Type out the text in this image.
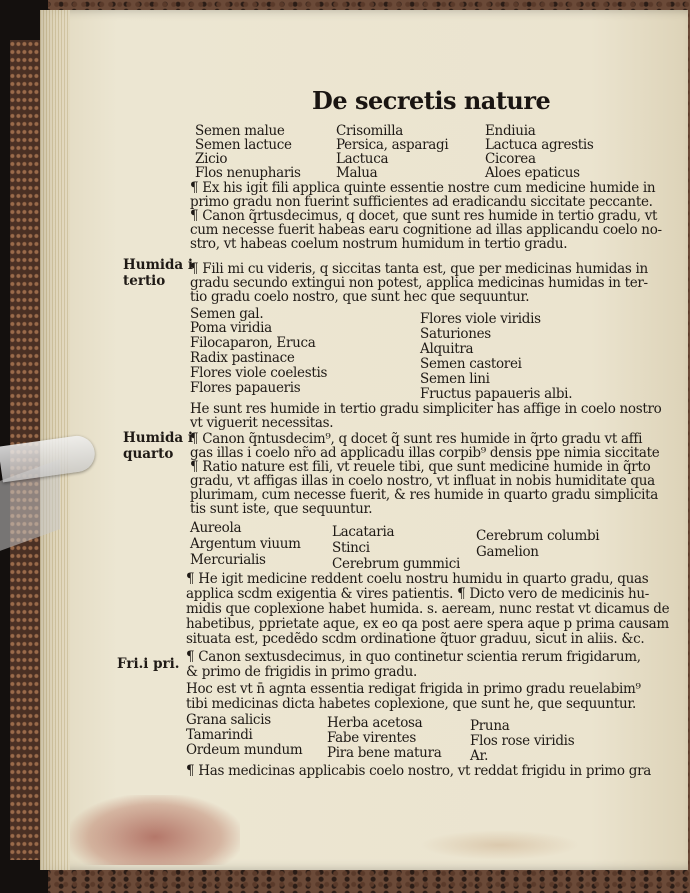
De secretis nature
Semen malue
Semen lactuce
Zicio
Flos nenupharis
Crisomilla
Persica, asparagi
Lactuca
Malua
Endiuia
Lactuca agrestis
Cicorea
Aloes epaticus
¶ Ex his igit fili applica quinte essentie nostre cum medicine humide in
primo gradu non fuerint sufficientes ad eradicandu siccitate peccante.
¶ Canon q̃rtusdecimus, q docet, que sunt res humide in tertio gradu, vt
cum necesse fuerit habeas earu cognitione ad illas applicandu coelo no-
stro, vt habeas coelum nostrum humidum in tertio gradu.
¶ Fili mi cu videris, q siccitas tanta est, que per medicinas humidas in
gradu secundo extingui non potest, applica medicinas humidas in ter-
tio gradu coelo nostro, que sunt hec que sequuntur.
Humida i
tertio
Semen gal.
Poma viridia
Filocaparon, Eruca
Radix pastinace
Flores viole coelestis
Flores papaueris
Flores viole viridis
Saturiones
Alquitra
Semen castorei
Semen lini
Fructus papaueris albi.
He sunt res humide in tertio gradu simpliciter has affige in coelo nostro
vt viguerit necessitas.
¶ Canon q̃ntusdecim⁹, q docet q̃ sunt res humide in q̃rto gradu vt affi
gas illas i coelo nr̃o ad applicadu illas corpib⁹ densis ppe nimia siccitate
¶ Ratio nature est fili, vt reuele tibi, que sunt medicine humide in q̃rto
gradu, vt affigas illas in coelo nostro, vt influat in nobis humiditate qua
plurimam, cum necesse fuerit, & res humide in quarto gradu simplicita
tis sunt iste, que sequuntur.
Humida i
quarto
Aureola
Argentum viuum
Mercurialis
Lacataria
Stinci
Cerebrum gummici
Cerebrum columbi
Gamelion
¶ He igit medicine reddent coelu nostru humidu in quarto gradu, quas
applica scdm exigentia & vires patientis. ¶ Dicto vero de medicinis hu-
midis que coplexione habet humida. s. aeream, nunc restat vt dicamus de
habetibus, pprietate aque, ex eo qa post aere spera aque p prima causam
situata est, pcedẽdo scdm ordinatione q̃tuor graduu, sicut in aliis. &c.
¶ Canon sextusdecimus, in quo continetur scientia rerum frigidarum,
& primo de frigidis in primo gradu.
Hoc est vt n̄ agnta essentia redigat frigida in primo gradu reuelabim⁹
tibi medicinas dicta habetes coplexione, que sunt he, que sequuntur.
Fri.i pri.
Grana salicis
Tamarindi
Ordeum mundum
Herba acetosa
Fabe virentes
Pira bene matura
Pruna
Flos rose viridis
Ar.
¶ Has medicinas applicabis coelo nostro, vt reddat frigidu in primo gra
